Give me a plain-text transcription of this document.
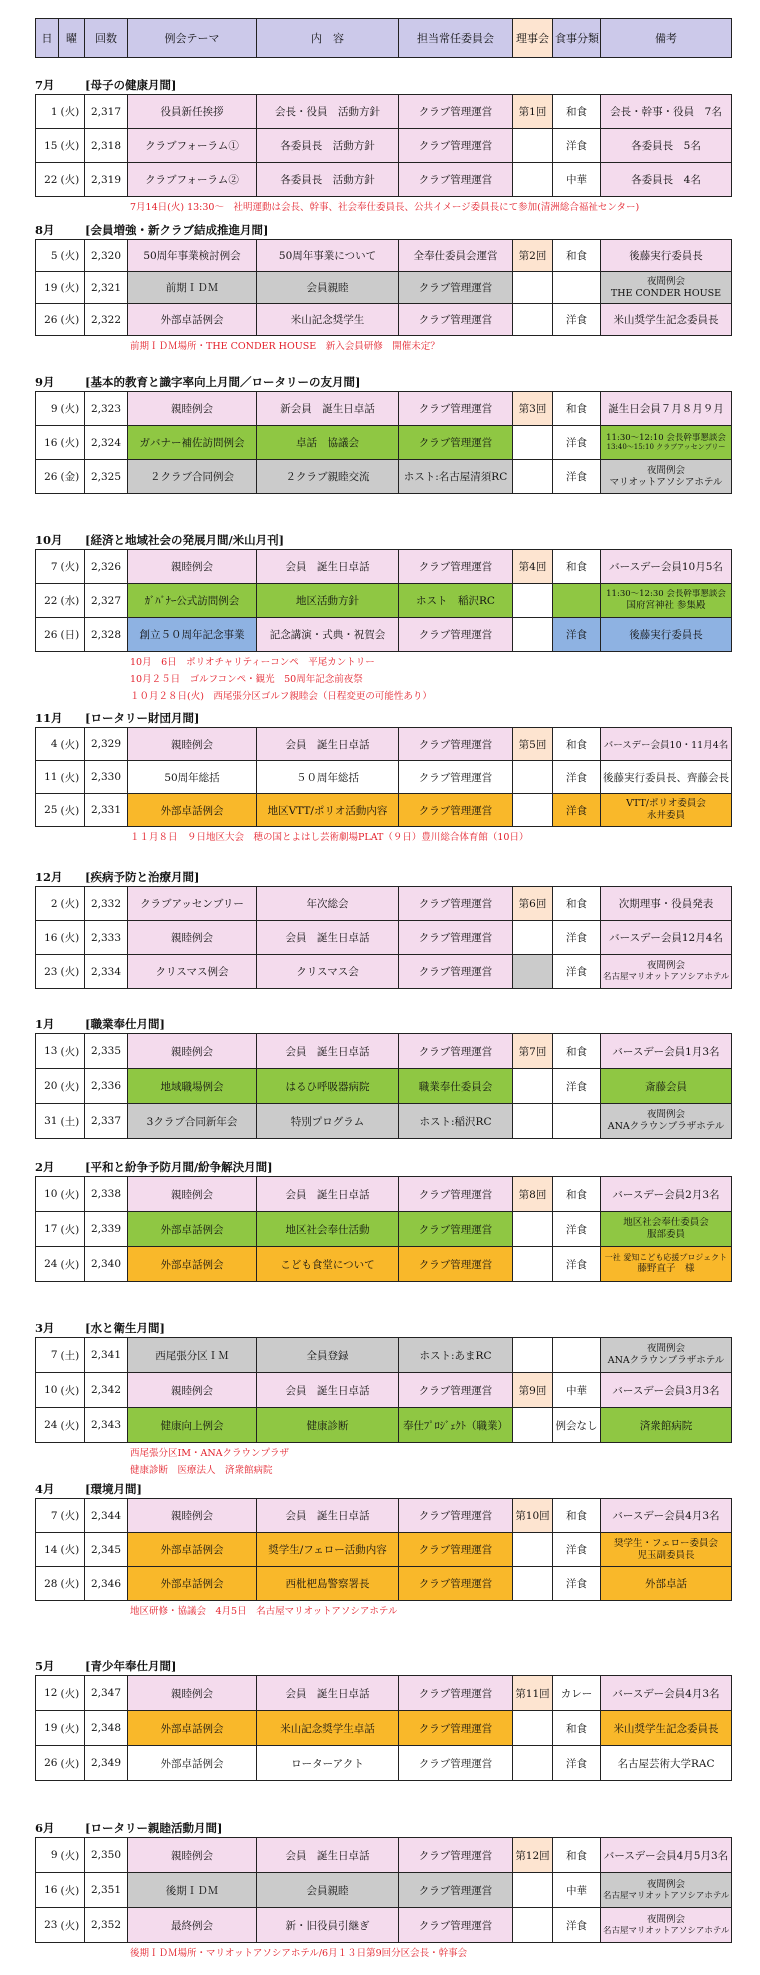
日	曜	回数	例会テーマ	内　容	担当常任委員会	理事会	食事分類	備考
7月	[母子の健康月間]
1	(火)	2,317	役員新任挨拶	会長・役員　活動方針	クラブ管理運営	第1回	和食	会長・幹事・役員　7名

15	(火)	2,318	クラブフォーラム①	各委員長　活動方針	クラブ管理運営		洋食	各委員長　5名

22	(火)	2,319	クラブフォーラム②	各委員長　活動方針	クラブ管理運営		中華	各委員長　4名
7月14日(火) 13:30～　社明運動は会長、幹事、社会奉仕委員長、公共イメージ委員長にて参加(清洲総合福祉センター)
8月	[会員増強・新クラブ結成推進月間]
5	(火)	2,320	50周年事業検討例会	50周年事業について	全奉仕委員会運営	第2回	和食	後藤実行委員長

19	(火)	2,321	前期ＩＤＭ	会員親睦	クラブ管理運営			夜間例会
THE CONDER HOUSE

26	(火)	2,322	外部卓話例会	米山記念奨学生	クラブ管理運営		洋食	米山奨学生記念委員長
前期ＩＤＭ場所・THE CONDER HOUSE　新入会員研修　開催未定？
9月	[基本的教育と識字率向上月間／ロータリーの友月間]
9	(火)	2,323	親睦例会	新会員　誕生日卓話	クラブ管理運営	第3回	和食	誕生日会員７月８月９月

16	(火)	2,324	ガバナー補佐訪問例会	卓話　協議会	クラブ管理運営		洋食	11:30～12:10 会長幹事懇談会
13:40～15:10 クラブアッセンブリー

26	(金)	2,325	２クラブ合同例会	２クラブ親睦交流	ホスト:名古屋清須RC		洋食	夜間例会
マリオットアソシアホテル
10月 [経済と地域社会の発展月間/米山月刊]
7	(火)	2,326	親睦例会	会員　誕生日卓話	クラブ管理運営	第4回	和食	バースデー会員10月5名

22	(水)	2,327	ｶﾞﾊﾞﾅｰ公式訪問例会	地区活動方針	ホスト　稲沢RC			11:30～12:30 会長幹事懇談会
国府宮神社 参集殿

26	(日)	2,328	創立５０周年記念事業	記念講演・式典・祝賀会	クラブ管理運営		洋食	後藤実行委員長
10月　6日　ポリオチャリティーコンペ　平尾カントリー
10月２５日　ゴルフコンペ・観光　50周年記念前夜祭
１０月２８日(火)　西尾張分区ゴルフ親睦会（日程変更の可能性あり）
11月 [ロータリー財団月間]
4	(火)	2,329	親睦例会	会員　誕生日卓話	クラブ管理運営	第5回	和食	バースデー会員10・11月4名

11	(火)	2,330	50周年総括	５０周年総括	クラブ管理運営		洋食	後藤実行委員長、齊藤会長

25	(火)	2,331	外部卓話例会	地区VTT/ポリオ活動内容	クラブ管理運営		洋食	VTT/ポリオ委員会
永井委員
１１月８日　９日地区大会　穂の国とよはし芸術劇場PLAT（９日）豊川総合体育館（10日）
12月 [疾病予防と治療月間]
2	(火)	2,332	クラブアッセンブリー	年次総会	クラブ管理運営	第6回	和食	次期理事・役員発表

16	(火)	2,333	親睦例会	会員　誕生日卓話	クラブ管理運営		洋食	バースデー会員12月4名

23	(火)	2,334	クリスマス例会	クリスマス会	クラブ管理運営		洋食	夜間例会
名古屋マリオットアソシアホテル
1月	[職業奉仕月間]
13	(火)	2,335	親睦例会	会員　誕生日卓話	クラブ管理運営	第7回	和食	バースデー会員1月3名

20	(火)	2,336	地域職場例会	はるひ呼吸器病院	職業奉仕委員会		洋食	斎藤会員

31	(土)	2,337	3クラブ合同新年会	特別プログラム	ホスト:稲沢RC			夜間例会
ANAクラウンプラザホテル
2月	[平和と紛争予防月間/紛争解決月間]
10	(火)	2,338	親睦例会	会員　誕生日卓話	クラブ管理運営	第8回	和食	バースデー会員2月3名

17	(火)	2,339	外部卓話例会	地区社会奉仕活動	クラブ管理運営		洋食	地区社会奉仕委員会
服部委員

24	(火)	2,340	外部卓話例会	こども食堂について	クラブ管理運営		洋食	一社 愛知こども応援プロジェクト
藤野直子　様
3月	[水と衛生月間]
7	(土)	2,341	西尾張分区ＩＭ	全員登録	ホスト:あまRC			夜間例会
ANAクラウンプラザホテル

10	(火)	2,342	親睦例会	会員　誕生日卓話	クラブ管理運営	第9回	中華	バースデー会員3月3名

24	(火)	2,343	健康向上例会	健康診断	奉仕ﾌﾟﾛｼﾞｪｸﾄ（職業）		例会なし	済衆館病院
西尾張分区IM・ANAクラウンプラザ
健康診断　医療法人　済衆館病院
4月	[環境月間]
7	(火)	2,344	親睦例会	会員　誕生日卓話	クラブ管理運営	第10回	和食	バースデー会員4月3名

14	(火)	2,345	外部卓話例会	奨学生/フェロー活動内容	クラブ管理運営		洋食	奨学生・フェロー委員会
児玉副委員長

28	(火)	2,346	外部卓話例会	西枇杷島警察署長	クラブ管理運営		洋食	外部卓話
地区研修・協議会　4月5日　名古屋マリオットアソシアホテル
5月	[青少年奉仕月間]
12	(火)	2,347	親睦例会	会員　誕生日卓話	クラブ管理運営	第11回	カレー	バースデー会員4月3名

19	(火)	2,348	外部卓話例会	米山記念奨学生卓話	クラブ管理運営		和食	米山奨学生記念委員長

26	(火)	2,349	外部卓話例会	ローターアクト	クラブ管理運営		洋食	名古屋芸術大学RAC
6月	[ロータリー親睦活動月間]
9	(火)	2,350	親睦例会	会員　誕生日卓話	クラブ管理運営	第12回	和食	バースデー会員4月5月3名

16	(火)	2,351	後期ＩＤＭ	会員親睦	クラブ管理運営		中華	夜間例会
名古屋マリオットアソシアホテル

23	(火)	2,352	最終例会	新・旧役員引継ぎ	クラブ管理運営		洋食	夜間例会
名古屋マリオットアソシアホテル
後期ＩＤＭ場所・マリオットアソシアホテル/6月１３日第9回分区会長・幹事会
